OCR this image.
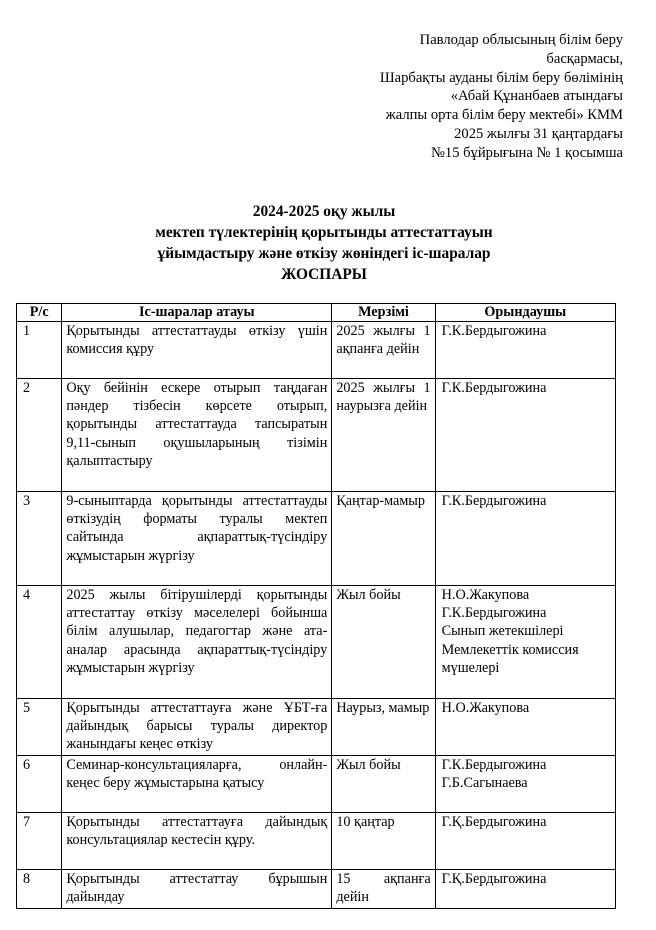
Павлодар облысының білім беру
басқармасы,
Шарбақты ауданы білім беру бөлімінің
«Абай Құнанбаев атындағы
жалпы орта білім беру мектебі» КММ
2025 жылғы 31 қаңтардағы
№15 бұйрығына № 1 қосымша
2024-2025 оқу жылы
мектеп түлектерінің қорытынды аттестаттауын
ұйымдастыру және өткізу жөніндегі іс-шаралар
ЖОСПАРЫ
Р/с	Іс-шаралар атауы	Мерзімі	Орындаушы
1	Қорытынды аттестаттауды өткізу үшін комиссия құру	2025 жылғы 1 ақпанға дейін	Г.К.Бердыгожина

2	Оқу бейінін ескере отырып таңдаған пәндер тізбесін көрсете отырып, қорытынды аттестаттауда тапсыратын 9,11-сынып оқушыларының тізімін қалыптастыру	2025 жылғы 1 наурызға дейін	Г.К.Бердыгожина

3	9-сыныптарда қорытынды аттестаттауды өткізудің форматы туралы мектеп сайтында ақпараттық-түсіндіру жұмыстарын жүргізу	Қаңтар-мамыр	Г.К.Бердыгожина

4	2025 жылы бітірушілерді қорытынды аттестаттау өткізу мәселелері бойынша білім алушылар, педагогтар және ата-аналар арасында ақпараттық-түсіндіру жұмыстарын жүргізу	Жыл бойы	Н.О.Жакупова
Г.К.Бердыгожина
Сынып жетекшілері
Мемлекеттік комиссия мүшелері

5	Қорытынды аттестаттауға және ҰБТ-ға дайындық барысы туралы директор жанындағы кеңес өткізу	Наурыз, мамыр	Н.О.Жакупова

6	Семинар-консультацияларға, онлайн- кеңес беру жұмыстарына қатысу	Жыл бойы	Г.К.Бердыгожина
Г.Б.Сагынаева

7	Қорытынды аттестаттауға дайындық консультациялар кестесін құру.	10 қаңтар	Г.Қ.Бердыгожина

8	Қорытынды аттестаттау бұрышын дайындау	15 ақпанға дейін	Г.Қ.Бердыгожина
